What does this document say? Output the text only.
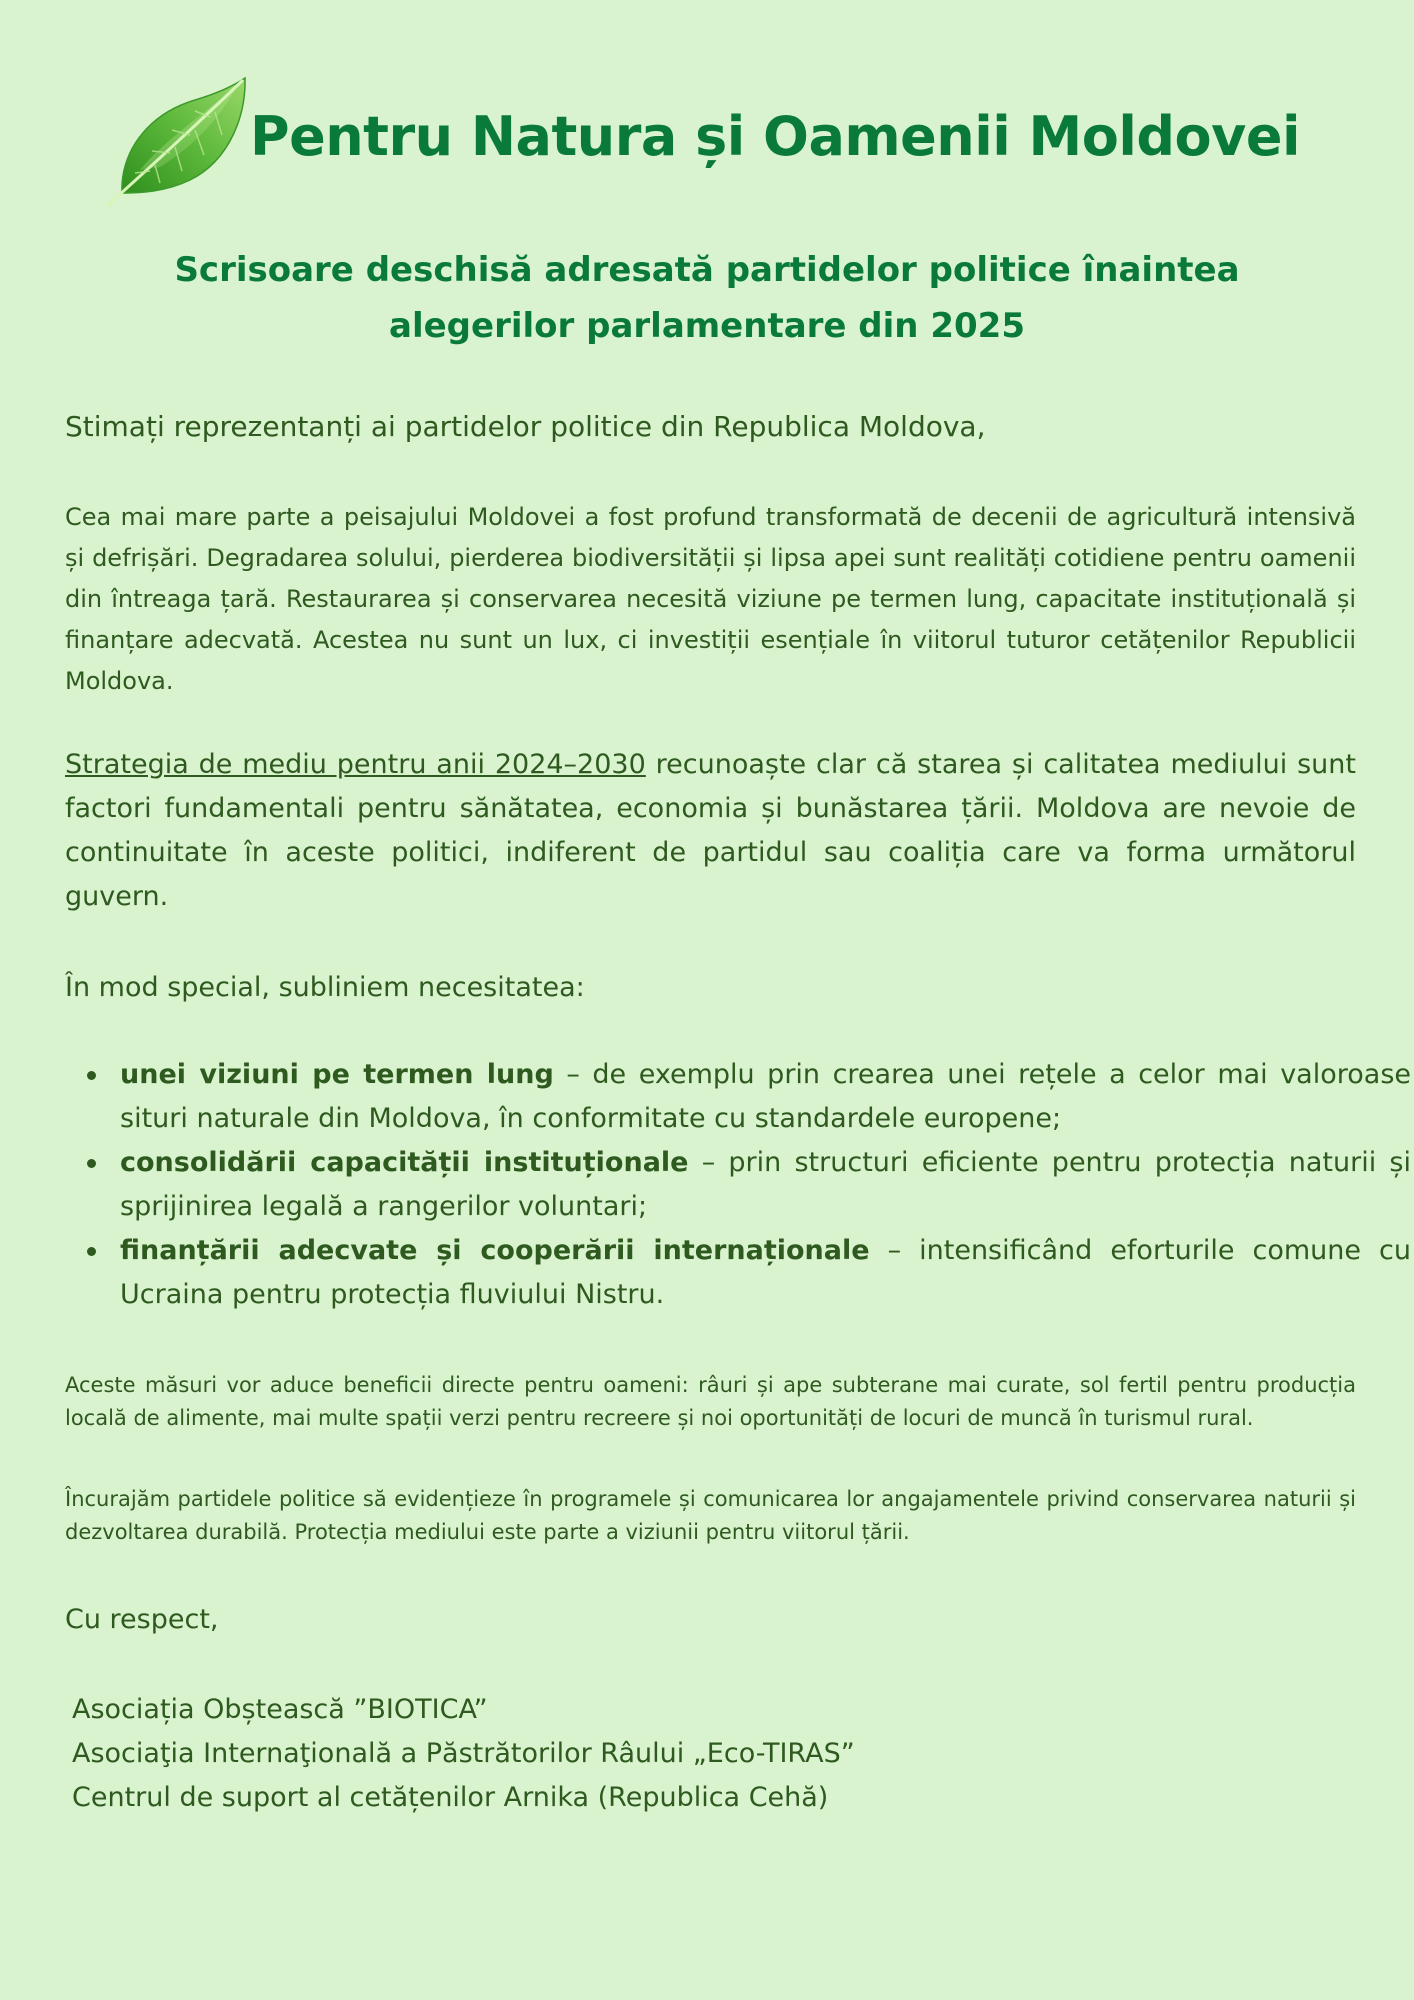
Pentru Natura și Oamenii Moldovei
Scrisoare deschisă adresată partidelor politice înaintea alegerilor parlamentare din 2025

Stimați reprezentanți ai partidelor politice din Republica Moldova,

Cea mai mare parte a peisajului Moldovei a fost profund transformată de decenii de agricultură intensivă și defrișări. Degradarea solului, pierderea biodiversității și lipsa apei sunt realități cotidiene pentru oamenii din întreaga țară. Restaurarea și conservarea necesită viziune pe termen lung, capacitate instituțională și finanțare adecvată. Acestea nu sunt un lux, ci investiții esențiale în viitorul tuturor cetățenilor Republicii Moldova.

Strategia de mediu pentru anii 2024–2030 recunoaște clar că starea și calitatea mediului sunt factori fundamentali pentru sănătatea, economia și bunăstarea țării. Moldova are nevoie de continuitate în aceste politici, indiferent de partidul sau coaliția care va forma următorul guvern.

În mod special, subliniem necesitatea:

unei viziuni pe termen lung – de exemplu prin crearea unei rețele a celor mai valoroase situri naturale din Moldova, în conformitate cu standardele europene;
consolidării capacității instituționale – prin structuri eficiente pentru protecția naturii și sprijinirea legală a rangerilor voluntari;
finanțării adecvate și cooperării internaționale – intensificând eforturile comune cu Ucraina pentru protecția fluviului Nistru.

Aceste măsuri vor aduce beneficii directe pentru oameni: râuri și ape subterane mai curate, sol fertil pentru producția locală de alimente, mai multe spații verzi pentru recreere și noi oportunități de locuri de muncă în turismul rural.

Încurajăm partidele politice să evidențieze în programele și comunicarea lor angajamentele privind conservarea naturii și dezvoltarea durabilă. Protecția mediului este parte a viziunii pentru viitorul țării.

Cu respect,

Asociația Obștească ”BIOTICA”
Asociaţia Internaţională a Păstrătorilor Râului „Eco-TIRAS”
Centrul de suport al cetățenilor Arnika (Republica Cehă)
